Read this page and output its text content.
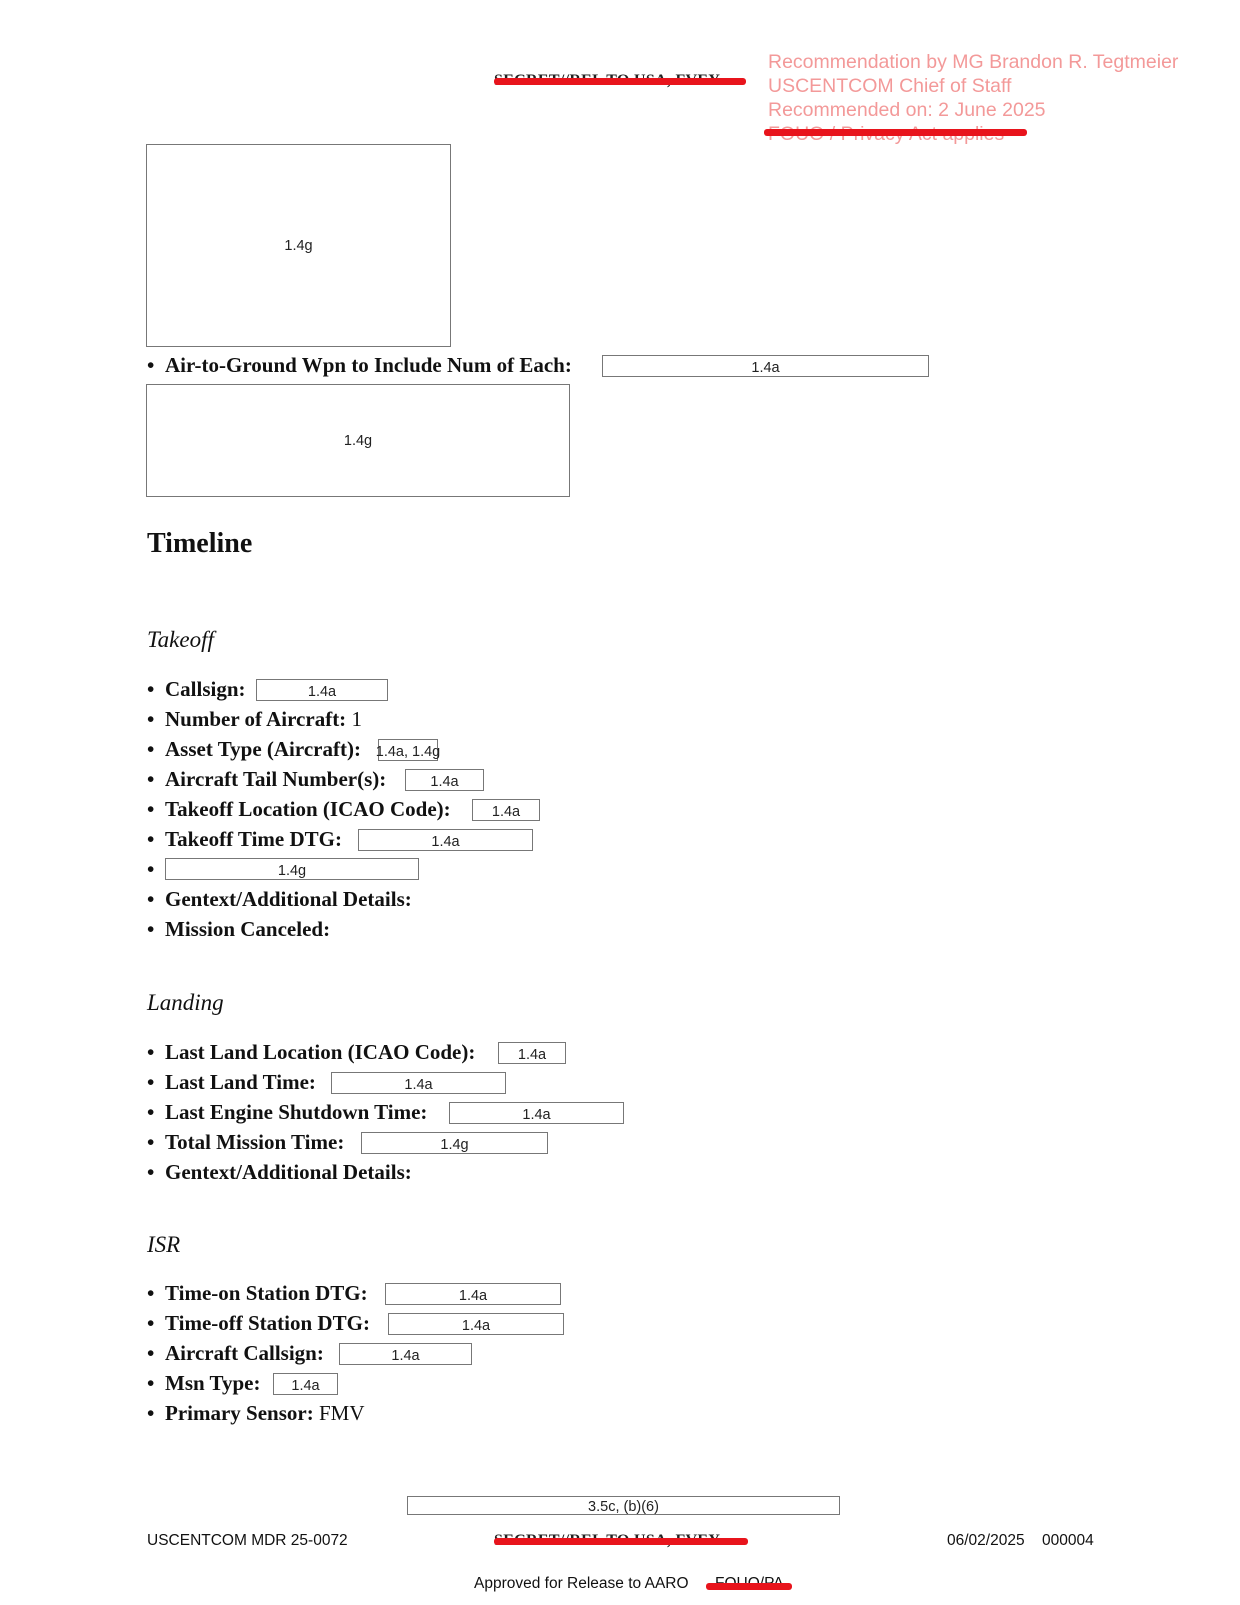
Recommendation by MG Brandon R. Tegtmeier
USCENTCOM Chief of Staff
Recommended on: 2 June 2025
1.4g
• Air-to-Ground Wpn to Include Num of Each:	1.4a
1.4g
Timeline
Takeoff
• Callsign:	1.4a
• Number of Aircraft: 1
• Asset Type (Aircraft): 1.4a, 1.4g
• Aircraft Tail Number(s):	1.4a
• Takeoff Location (ICAO Code):	1.4a
• Takeoff Time DTG:	1.4a
•	1.4g
• Gentext/Additional Details:
• Mission Canceled:
Landing
• Last Land Location (ICAO Code):	1.4a
• Last Land Time:	1.4a
• Last Engine Shutdown Time:	1.4a
• Total Mission Time:	1.4g
• Gentext/Additional Details:
ISR
• Time-on Station DTG:	1.4a
• Time-off Station DTG:	1.4a
• Aircraft Callsign:	1.4a
• Msn Type:	1.4a
• Primary Sensor: FMV
3.5c, (b)(6)
USCENTCOM MDR 25-0072	06/02/2025 000004
Approved for Release to AARO
